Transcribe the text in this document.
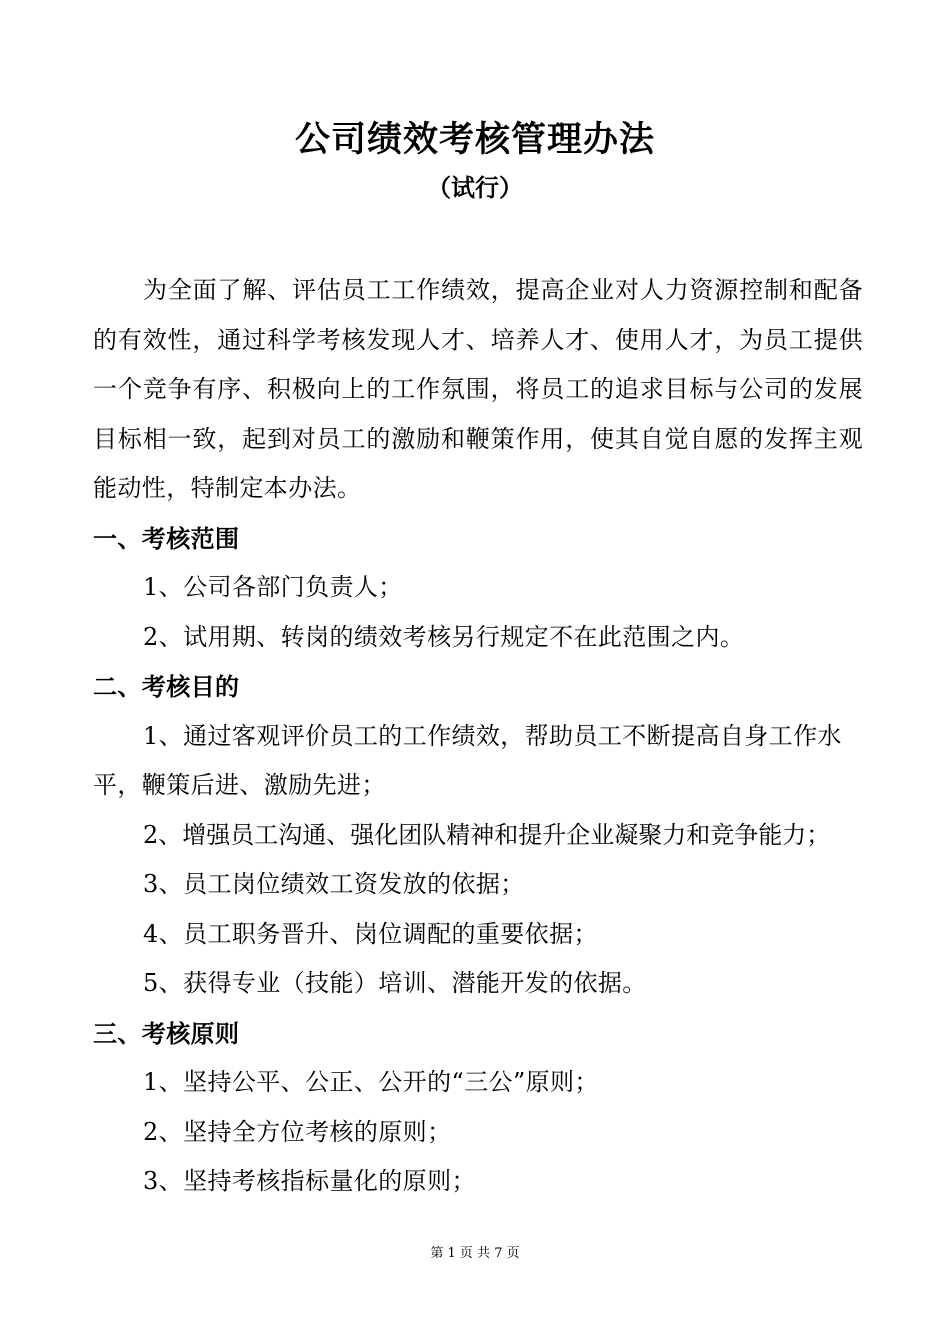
公司绩效考核管理办法
（试行）

为全面了解、评估员工工作绩效，提高企业对人力资源控制和配备的有效性，通过科学考核发现人才、培养人才、使用人才，为员工提供一个竞争有序、积极向上的工作氛围，将员工的追求目标与公司的发展目标相一致，起到对员工的激励和鞭策作用，使其自觉自愿的发挥主观能动性，特制定本办法。

一、考核范围

1、公司各部门负责人；

2、试用期、转岗的绩效考核另行规定不在此范围之内。

二、考核目的

1、通过客观评价员工的工作绩效，帮助员工不断提高自身工作水平，鞭策后进、激励先进；

2、增强员工沟通、强化团队精神和提升企业凝聚力和竞争能力；

3、员工岗位绩效工资发放的依据；

4、员工职务晋升、岗位调配的重要依据；

5、获得专业（技能）培训、潜能开发的依据。

三、考核原则

1、坚持公平、公正、公开的“三公”原则；

2、坚持全方位考核的原则；

3、坚持考核指标量化的原则；

第 1 页 共 7 页
